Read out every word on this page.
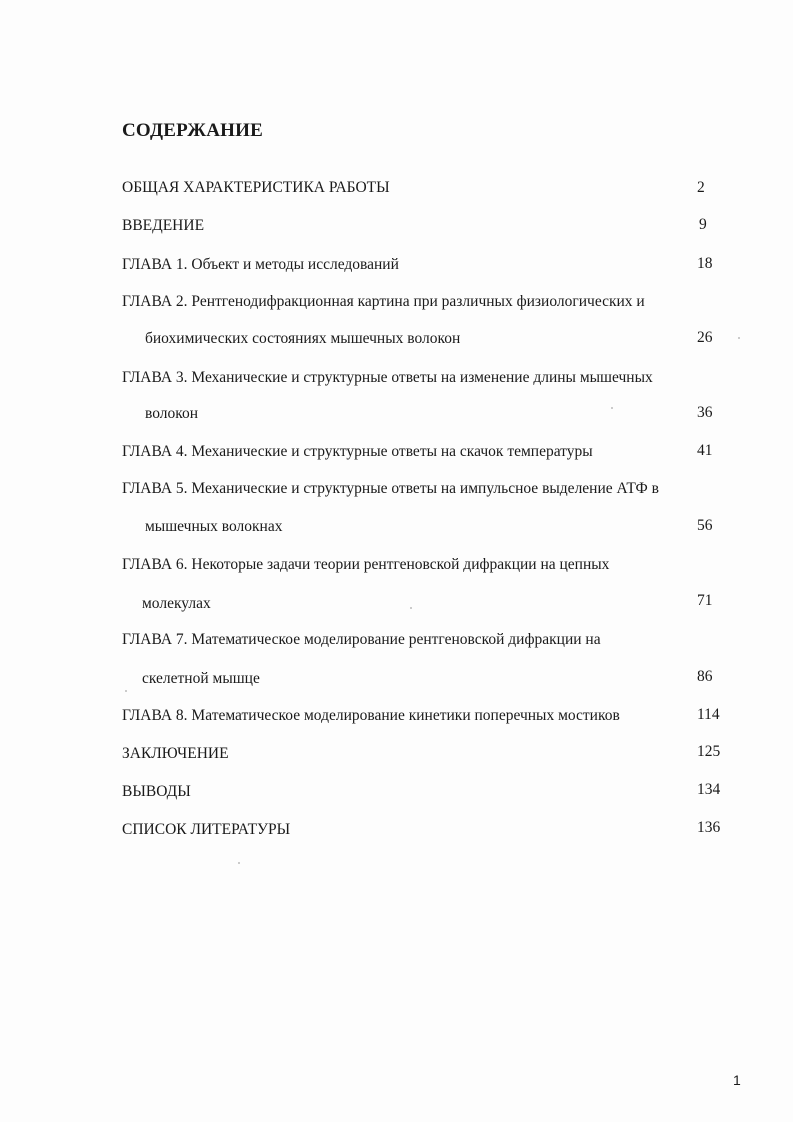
СОДЕРЖАНИЕ
ОБЩАЯ ХАРАКТЕРИСТИКА РАБОТЫ	2
ВВЕДЕНИЕ	9
ГЛАВА 1. Объект и методы исследований	18
ГЛАВА 2. Рентгенодифракционная картина при различных физиологических и
биохимических состояниях мышечных волокон	26
ГЛАВА 3. Механические и структурные ответы на изменение длины мышечных
волокон	36
ГЛАВА 4. Механические и структурные ответы на скачок температуры	41
ГЛАВА 5. Механические и структурные ответы на импульсное выделение АТФ в
мышечных волокнах	56
ГЛАВА 6. Некоторые задачи теории рентгеновской дифракции на цепных
молекулах	71
ГЛАВА 7. Математическое моделирование рентгеновской дифракции на
скелетной мышце	86
ГЛАВА 8. Математическое моделирование кинетики поперечных мостиков	114
ЗАКЛЮЧЕНИЕ	125
ВЫВОДЫ	134
СПИСОК ЛИТЕРАТУРЫ	136
1
